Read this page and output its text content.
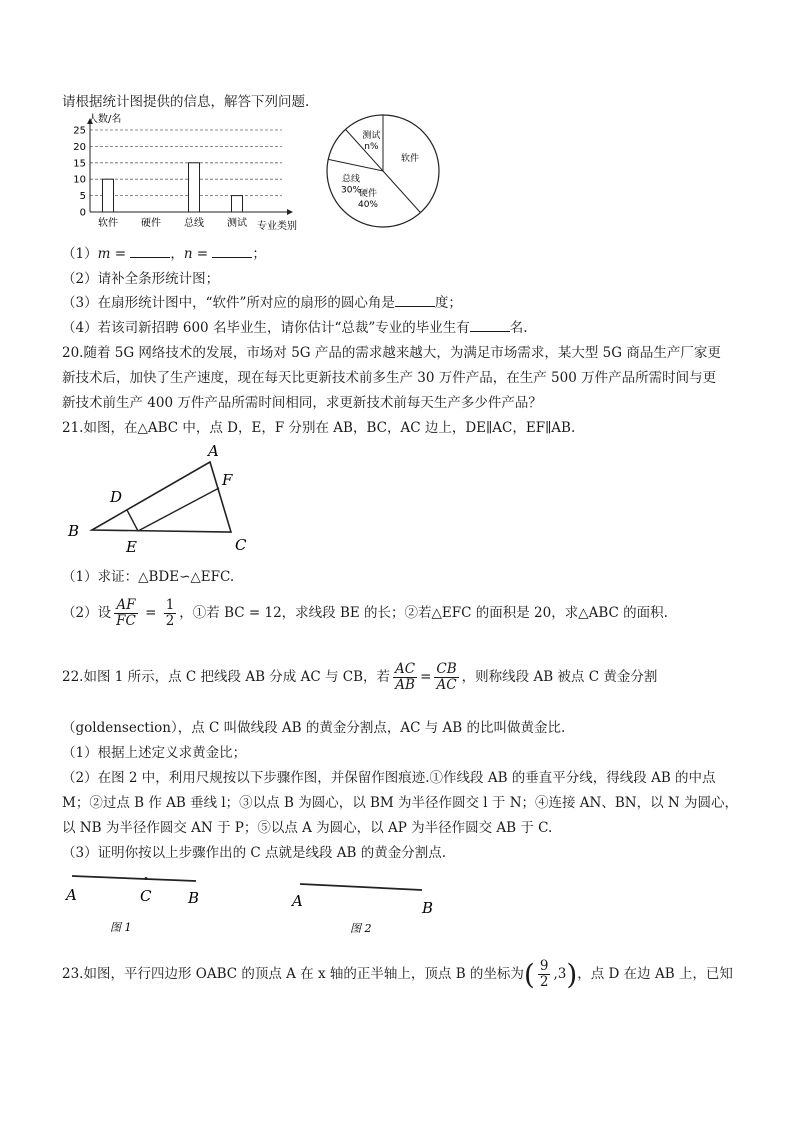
请根据统计图提供的信息，解答下列问题.
0
5
10
15
20
25
软件 硬件 总线 测试
人数/名
专业类别
软件
硬件
40%
总线
30%
测试
n%
（1）m =	，n =	；
（2）请补全条形统计图；
（3）在扇形统计图中，“软件”所对应的扇形的圆心角是	度；
（4）若该司新招聘 600 名毕业生，请你估计“总裁”专业的毕业生有	名.
20.随着 5G 网络技术的发展，市场对 5G 产品的需求越来越大，为满足市场需求，某大型 5G 商品生产厂家更
新技术后，加快了生产速度，现在每天比更新技术前多生产 30 万件产品，在生产 500 万件产品所需时间与更
新技术前生产 400 万件产品所需时间相同，求更新技术前每天生产多少件产品？
21.如图，在△ABC 中，点 D，E，F 分别在 AB，BC，AC 边上，DE∥AC，EF∥AB.
A
B
C
D
E
F
（1）求证：△BDE∽△EFC.
（2）设 $\frac{AF}{FC} = \frac{1}{2}$ ，①若 BC = 12，求线段 BE 的长；②若△EFC 的面积是 20，求△ABC 的面积.
22.如图 1 所示，点 C 把线段 AB 分成 AC 与 CB，若 $\frac{AC}{AB} = \frac{CB}{AC}$ ，则称线段 AB 被点 C 黄金分割
（goldensection），点 C 叫做线段 AB 的黄金分割点，AC 与 AB 的比叫做黄金比.
（1）根据上述定义求黄金比；
（2）在图 2 中，利用尺规按以下步骤作图，并保留作图痕迹.①作线段 AB 的垂直平分线，得线段 AB 的中点
M；②过点 B 作 AB 垂线 l；③以点 B 为圆心，以 BM 为半径作圆交 l 于 N；④连接 AN、BN，以 N 为圆心，
以 NB 为半径作圆交 AN 于 P；⑤以点 A 为圆心，以 AP 为半径作圆交 AB 于 C.
（3）证明你按以上步骤作出的 C 点就是线段 AB 的黄金分割点.
A	C B
图 1
A	B
图 2
23.如图，平行四边形 OABC 的顶点 A 在 x 轴的正半轴上，顶点 B 的坐标为( $\frac{9}{2} ,3$)，点 D 在边 AB 上，已知
